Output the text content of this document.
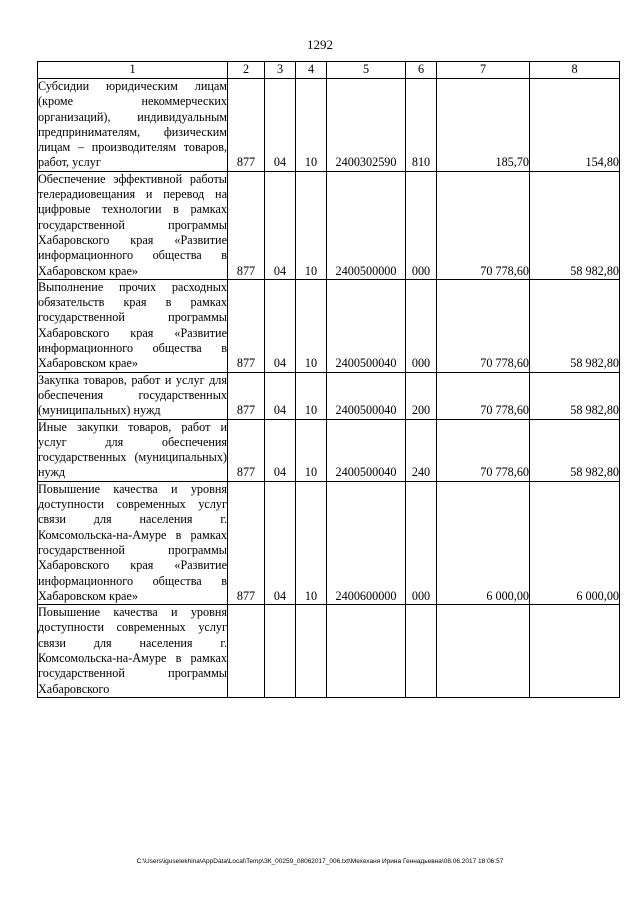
1292
1	2	3	4	5	6	7	8
Субсидии юридическим лицам (кроме некоммерческих организаций), индивидуальным предпринимателям, физическим лицам – производителям товаров, работ, услуг	877	04	10	2400302590	810	185,70	154,80
Обеспечение эффективной работы телерадиовещания и перевод на цифровые технологии в рамках государственной программы Хабаровского края «Развитие информационного общества в Хабаровском крае»	877	04	10	2400500000	000	70 778,60	58 982,80
Выполнение прочих расходных обязательств края в рамках государственной программы Хабаровского края «Развитие информационного общества в Хабаровском крае»	877	04	10	2400500040	000	70 778,60	58 982,80
Закупка товаров, работ и услуг для обеспечения государственных (муниципальных) нужд	877	04	10	2400500040	200	70 778,60	58 982,80
Иные закупки товаров, работ и услуг для обеспечения государственных (муниципальных) нужд	877	04	10	2400500040	240	70 778,60	58 982,80
Повышение качества и уровня доступности современных услуг связи для населения г. Комсомольска-на-Амуре в рамках государственной программы Хабаровского края «Развитие информационного общества в Хабаровском крае»	877	04	10	2400600000	000	6 000,00	6 000,00
Повышение качества и уровня доступности современных услуг связи для населения г. Комсомольска-на-Амуре в рамках государственной программы Хабаровского							
C:\Users\iguselekhina\AppData\Local\Temp\ЗК_00259_08062017_006.txt\Мехеханя Ирина Геннадьевна\08.06.2017 18:06:57
